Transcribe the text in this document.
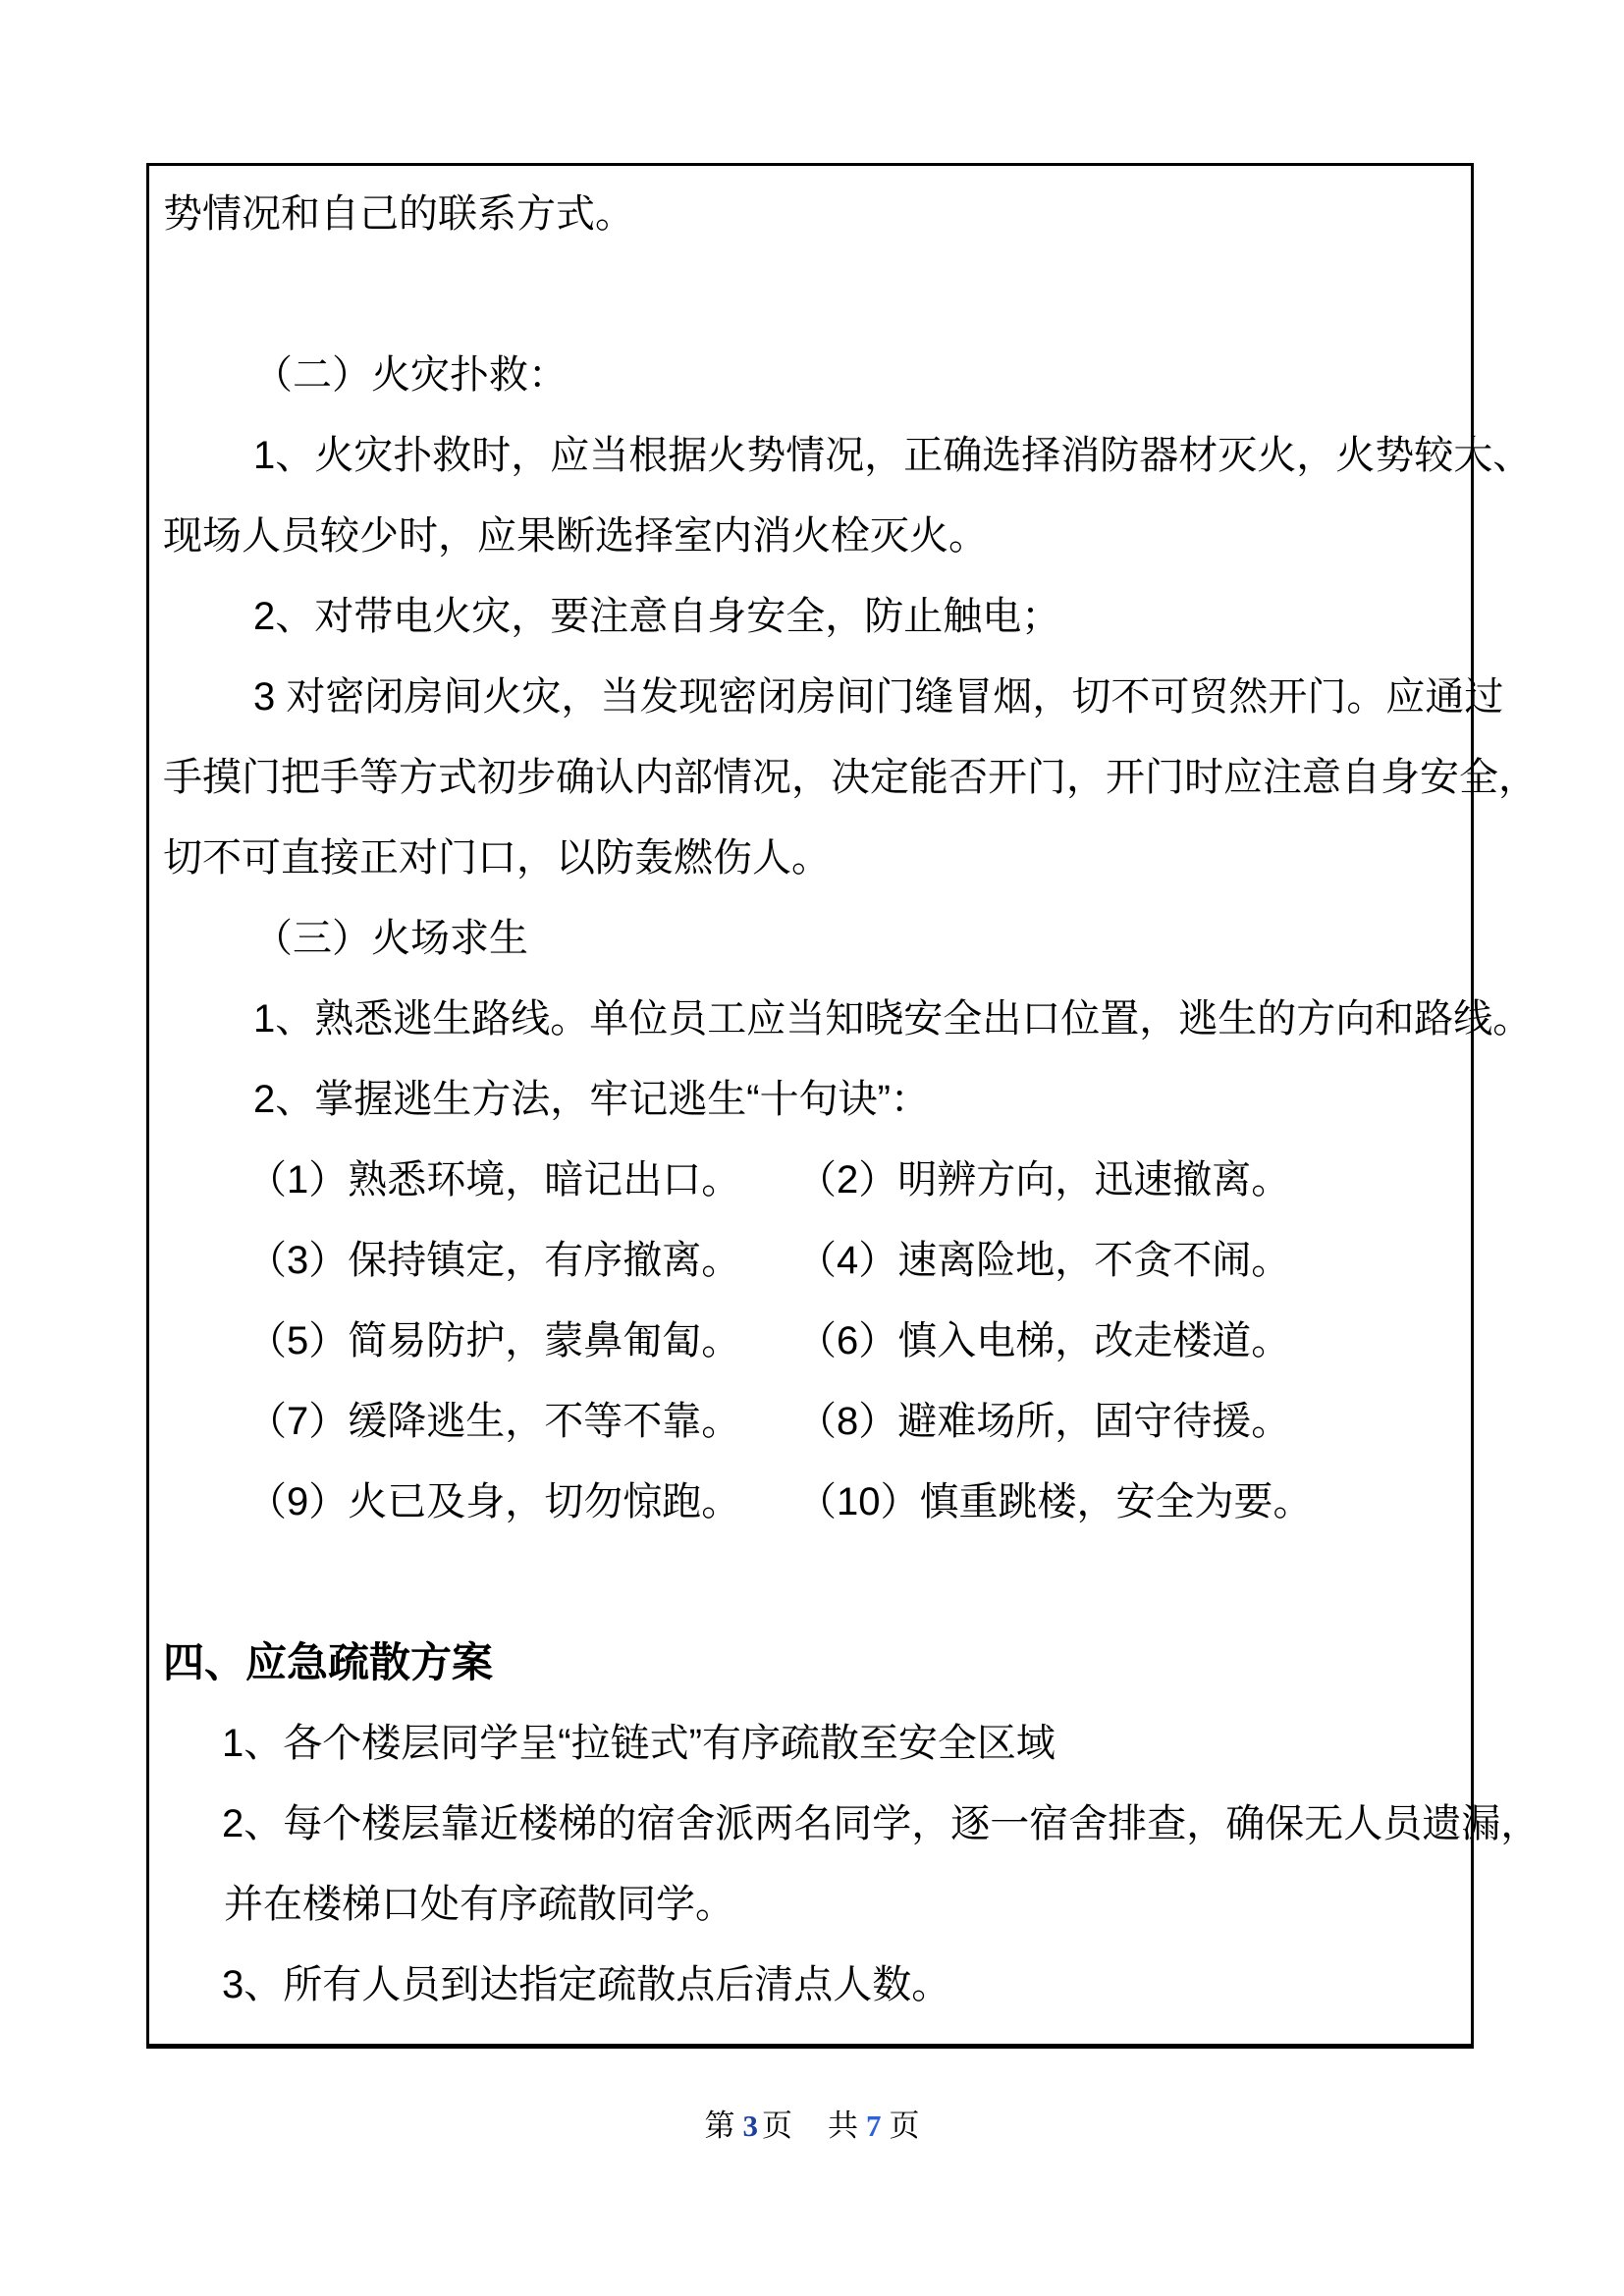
势情况和自己的联系方式。
（二）火灾扑救：
1、火灾扑救时，应当根据火势情况，正确选择消防器材灭火，火势较大、
现场人员较少时，应果断选择室内消火栓灭火。
2、对带电火灾，要注意自身安全，防止触电；
3 对密闭房间火灾，当发现密闭房间门缝冒烟，切不可贸然开门。应通过
手摸门把手等方式初步确认内部情况，决定能否开门，开门时应注意自身安全，
切不可直接正对门口，以防轰燃伤人。
（三）火场求生
1、熟悉逃生路线。单位员工应当知晓安全出口位置，逃生的方向和路线。
2、掌握逃生方法，牢记逃生“十句诀”：
（1）熟悉环境，暗记出口。 （2）明辨方向，迅速撤离。
（3）保持镇定，有序撤离。 （4）速离险地，不贪不闹。
（5）简易防护，蒙鼻匍匐。 （6）慎入电梯，改走楼道。
（7）缓降逃生，不等不靠。 （8）避难场所，固守待援。
（9）火已及身，切勿惊跑。 （10）慎重跳楼，安全为要。
四、应急疏散方案
1、各个楼层同学呈“拉链式”有序疏散至安全区域
2、每个楼层靠近楼梯的宿舍派两名同学，逐一宿舍排查，确保无人员遗漏，
并在楼梯口处有序疏散同学。
3、所有人员到达指定疏散点后清点人数。
第 3 页 共 7 页
